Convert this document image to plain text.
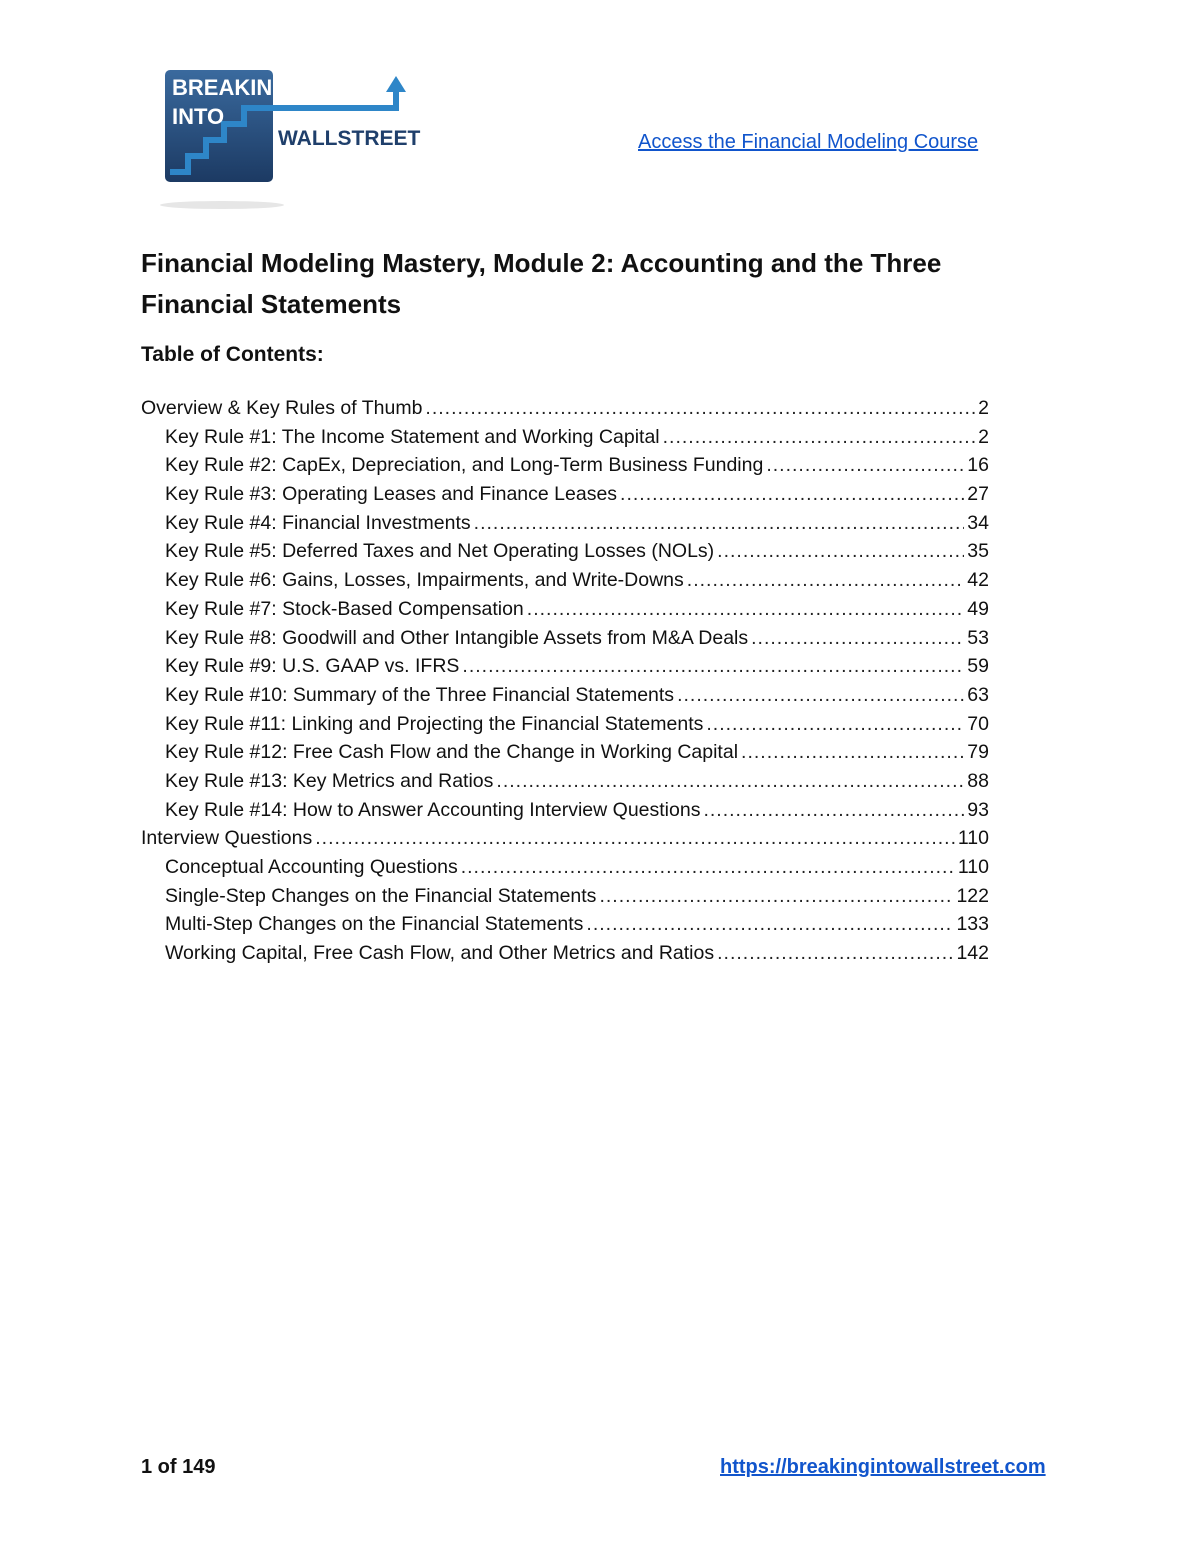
BREAKING
INTO
WALLSTREET	Access the Financial Modeling Course
Financial Modeling Mastery, Module 2: Accounting and the Three Financial Statements
Table of Contents:
Overview & Key Rules of Thumb .....	2
Key Rule #1: The Income Statement and Working Capital .....	2
Key Rule #2: CapEx, Depreciation, and Long-Term Business Funding .....	16
Key Rule #3: Operating Leases and Finance Leases .....	27
Key Rule #4: Financial Investments .....	34
Key Rule #5: Deferred Taxes and Net Operating Losses (NOLs) .....	35
Key Rule #6: Gains, Losses, Impairments, and Write-Downs .....	42
Key Rule #7: Stock-Based Compensation .....	49
Key Rule #8: Goodwill and Other Intangible Assets from M&A Deals .....	53
Key Rule #9: U.S. GAAP vs. IFRS .....	59
Key Rule #10: Summary of the Three Financial Statements .....	63
Key Rule #11: Linking and Projecting the Financial Statements .....	70
Key Rule #12: Free Cash Flow and the Change in Working Capital .....	79
Key Rule #13: Key Metrics and Ratios .....	88
Key Rule #14: How to Answer Accounting Interview Questions .....	93
Interview Questions .....	110
Conceptual Accounting Questions .....	110
Single-Step Changes on the Financial Statements .....	122
Multi-Step Changes on the Financial Statements .....	133
Working Capital, Free Cash Flow, and Other Metrics and Ratios .....	142
1 of 149	https://breakingintowallstreet.com
